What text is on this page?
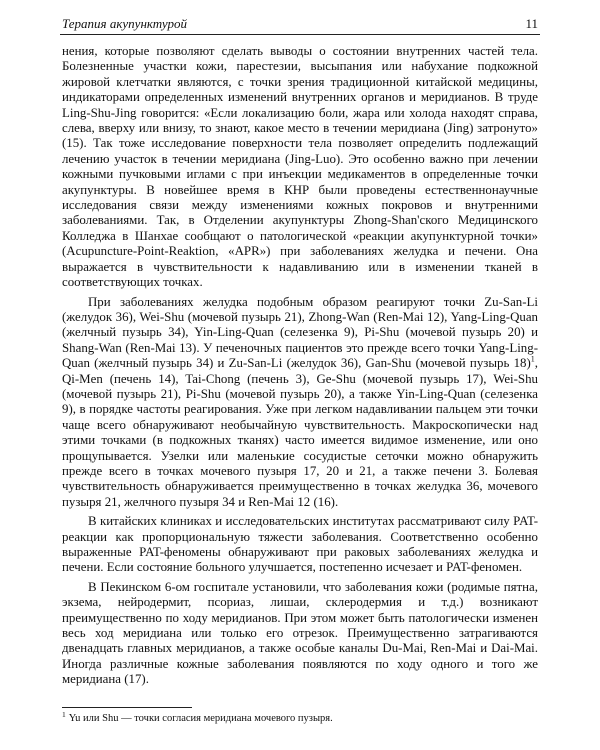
Терапия акупунктурой	11

нения, которые позволяют сделать выводы о состоянии внутренних частей тела. Болезненные участки кожи, парестезии, высыпания или набухание подкожной жировой клетчатки являются, с точки зрения традиционной китайской медицины, индикаторами определенных изменений внутренних органов и меридианов. В труде Ling-Shu-Jing говорится: «Если локализацию боли, жара или холода находят справа, слева, вверху или внизу, то знают, какое место в течении меридиана (Jing) затронуто» (15). Так тоже исследование поверхности тела позволяет определить подлежащий лечению участок в течении меридиана (Jing-Luo). Это особенно важно при лечении кожными пучковыми иглами с при инъекции медикаментов в определенные точки акупунктуры. В новейшее время в КНР были проведены естественнонаучные исследования связи между изменениями кожных покровов и внутренними заболеваниями. Так, в Отделении акупунктуры Zhong-Shan'ского Медицинского Колледжа в Шанхае сообщают о патологической «реакции акупунктурной точки» (Acupuncture-Point-Reaktion, «APR») при заболеваниях желудка и печени. Она выражается в чувствительности к надавливанию или в изменении тканей в соответствующих точках.

При заболеваниях желудка подобным образом реагируют точки Zu-San-Li (желудок 36), Wei-Shu (мочевой пузырь 21), Zhong-Wan (Ren-Mai 12), Yang-Ling-Quan (желчный пузырь 34), Yin-Ling-Quan (селезенка 9), Pi-Shu (мочевой пузырь 20) и Shang-Wan (Ren-Mai 13). У печеночных пациентов это прежде всего точки Yang-Ling-Quan (желчный пузырь 34) и Zu-San-Li (желудок 36), Gan-Shu (мочевой пузырь 18)$^1$, Qi-Men (печень 14), Tai-Chong (печень 3), Ge-Shu (мочевой пузырь 17), Wei-Shu (мочевой пузырь 21), Pi-Shu (мочевой пузырь 20), а также Yin-Ling-Quan (селезенка 9), в порядке частоты реагирования. Уже при легком надавливании пальцем эти точки чаще всего обнаруживают необычайную чувствительность. Макроскопически над этими точками (в подкожных тканях) часто имеется видимое изменение, или оно прощупывается. Узелки или маленькие сосудистые сеточки можно обнаружить прежде всего в точках мочевого пузыря 17, 20 и 21, а также печени 3. Болевая чувствительность обнаруживается преимущественно в точках желудка 36, мочевого пузыря 21, желчного пузыря 34 и Ren-Mai 12 (16).

В китайских клиниках и исследовательских институтах рассматривают силу PAT-реакции как пропорциональную тяжести заболевания. Соответственно особенно выраженные PAT-феномены обнаруживают при раковых заболеваниях желудка и печени. Если состояние больного улучшается, постепенно исчезает и PAT-феномен.

В Пекинском 6-ом госпитале установили, что заболевания кожи (родимые пятна, экзема, нейродермит, псориаз, лишаи, склеродермия и т.д.) возникают преимущественно по ходу меридианов. При этом может быть патологически изменен весь ход меридиана или только его отрезок. Преимущественно затрагиваются двенадцать главных меридианов, а также особые каналы Du-Mai, Ren-Mai и Dai-Mai. Иногда различные кожные заболевания появляются по ходу одного и того же меридиана (17).

$^1$ Yu или Shu — точки согласия меридиана мочевого пузыря.
